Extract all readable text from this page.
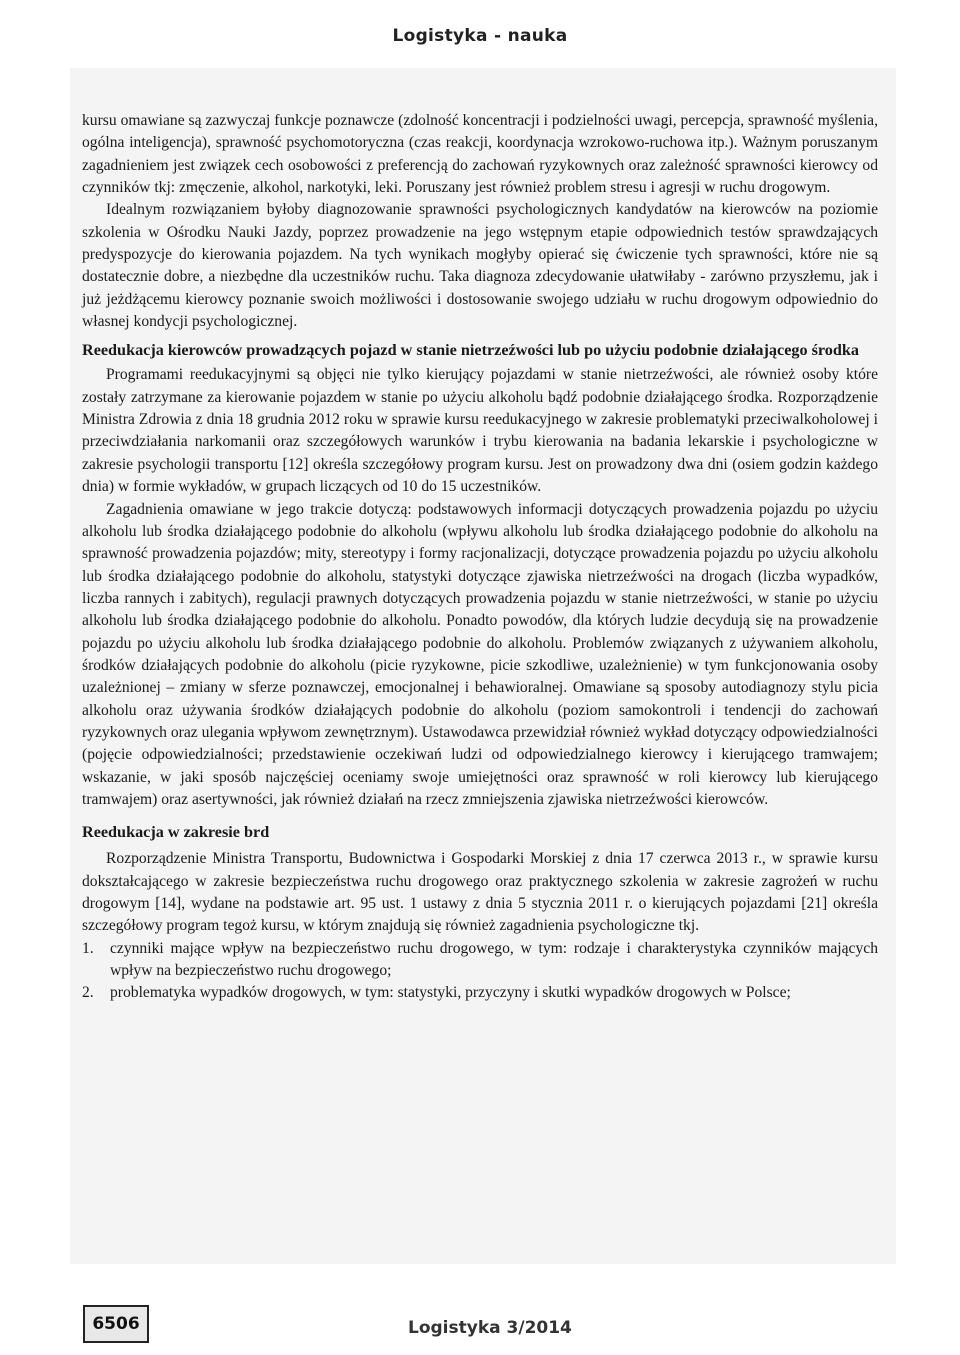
Logistyka - nauka

kursu omawiane są zazwyczaj funkcje poznawcze (zdolność koncentracji i podzielności uwagi, percepcja, sprawność myślenia, ogólna inteligencja), sprawność psychomotoryczna (czas reakcji, koordynacja wzrokowo-ruchowa itp.). Ważnym poruszanym zagadnieniem jest związek cech osobowości z preferencją do zachowań ryzykownych oraz zależność sprawności kierowcy od czynników tkj: zmęczenie, alkohol, narkotyki, leki. Poruszany jest również problem stresu i agresji w ruchu drogowym.

Idealnym rozwiązaniem byłoby diagnozowanie sprawności psychologicznych kandydatów na kierowców na poziomie szkolenia w Ośrodku Nauki Jazdy, poprzez prowadzenie na jego wstępnym etapie odpowiednich testów sprawdzających predyspozycje do kierowania pojazdem. Na tych wynikach mogłyby opierać się ćwiczenie tych sprawności, które nie są dostatecznie dobre, a niezbędne dla uczestników ruchu. Taka diagnoza zdecydowanie ułatwiłaby - zarówno przyszłemu, jak i już jeżdżącemu kierowcy poznanie swoich możliwości i dostosowanie swojego udziału w ruchu drogowym odpowiednio do własnej kondycji psychologicznej.

Reedukacja kierowców prowadzących pojazd w stanie nietrzeźwości lub po użyciu podobnie działającego środka

Programami reedukacyjnymi są objęci nie tylko kierujący pojazdami w stanie nietrzeźwości, ale również osoby które zostały zatrzymane za kierowanie pojazdem w stanie po użyciu alkoholu bądź podobnie działającego środka. Rozporządzenie Ministra Zdrowia z dnia 18 grudnia 2012 roku w sprawie kursu reedukacyjnego w zakresie problematyki przeciwalkoholowej i przeciwdziałania narkomanii oraz szczegółowych warunków i trybu kierowania na badania lekarskie i psychologiczne w zakresie psychologii transportu [12] określa szczegółowy program kursu. Jest on prowadzony dwa dni (osiem godzin każdego dnia) w formie wykładów, w grupach liczących od 10 do 15 uczestników.

Zagadnienia omawiane w jego trakcie dotyczą: podstawowych informacji dotyczących prowadzenia pojazdu po użyciu alkoholu lub środka działającego podobnie do alkoholu (wpływu alkoholu lub środka działającego podobnie do alkoholu na sprawność prowadzenia pojazdów; mity, stereotypy i formy racjonalizacji, dotyczące prowadzenia pojazdu po użyciu alkoholu lub środka działającego podobnie do alkoholu, statystyki dotyczące zjawiska nietrzeźwości na drogach (liczba wypadków, liczba rannych i zabitych), regulacji prawnych dotyczących prowadzenia pojazdu w stanie nietrzeźwości, w stanie po użyciu alkoholu lub środka działającego podobnie do alkoholu. Ponadto powodów, dla których ludzie decydują się na prowadzenie pojazdu po użyciu alkoholu lub środka działającego podobnie do alkoholu. Problemów związanych z używaniem alkoholu, środków działających podobnie do alkoholu (picie ryzykowne, picie szkodliwe, uzależnienie) w tym funkcjonowania osoby uzależnionej – zmiany w sferze poznawczej, emocjonalnej i behawioralnej. Omawiane są sposoby autodiagnozy stylu picia alkoholu oraz używania środków działających podobnie do alkoholu (poziom samokontroli i tendencji do zachowań ryzykownych oraz ulegania wpływom zewnętrznym). Ustawodawca przewidział również wykład dotyczący odpowiedzialności (pojęcie odpowiedzialności; przedstawienie oczekiwań ludzi od odpowiedzialnego kierowcy i kierującego tramwajem; wskazanie, w jaki sposób najczęściej oceniamy swoje umiejętności oraz sprawność w roli kierowcy lub kierującego tramwajem) oraz asertywności, jak również działań na rzecz zmniejszenia zjawiska nietrzeźwości kierowców.

Reedukacja w zakresie brd

Rozporządzenie Ministra Transportu, Budownictwa i Gospodarki Morskiej z dnia 17 czerwca 2013 r., w sprawie kursu dokształcającego w zakresie bezpieczeństwa ruchu drogowego oraz praktycznego szkolenia w zakresie zagrożeń w ruchu drogowym [14], wydane na podstawie art. 95 ust. 1 ustawy z dnia 5 stycznia 2011 r. o kierujących pojazdami [21] określa szczegółowy program tegoż kursu, w którym znajdują się również zagadnienia psychologiczne tkj.

1. czynniki mające wpływ na bezpieczeństwo ruchu drogowego, w tym: rodzaje i charakterystyka czynników mających wpływ na bezpieczeństwo ruchu drogowego;
2. problematyka wypadków drogowych, w tym: statystyki, przyczyny i skutki wypadków drogowych w Polsce;
6506	Logistyka 3/2014
